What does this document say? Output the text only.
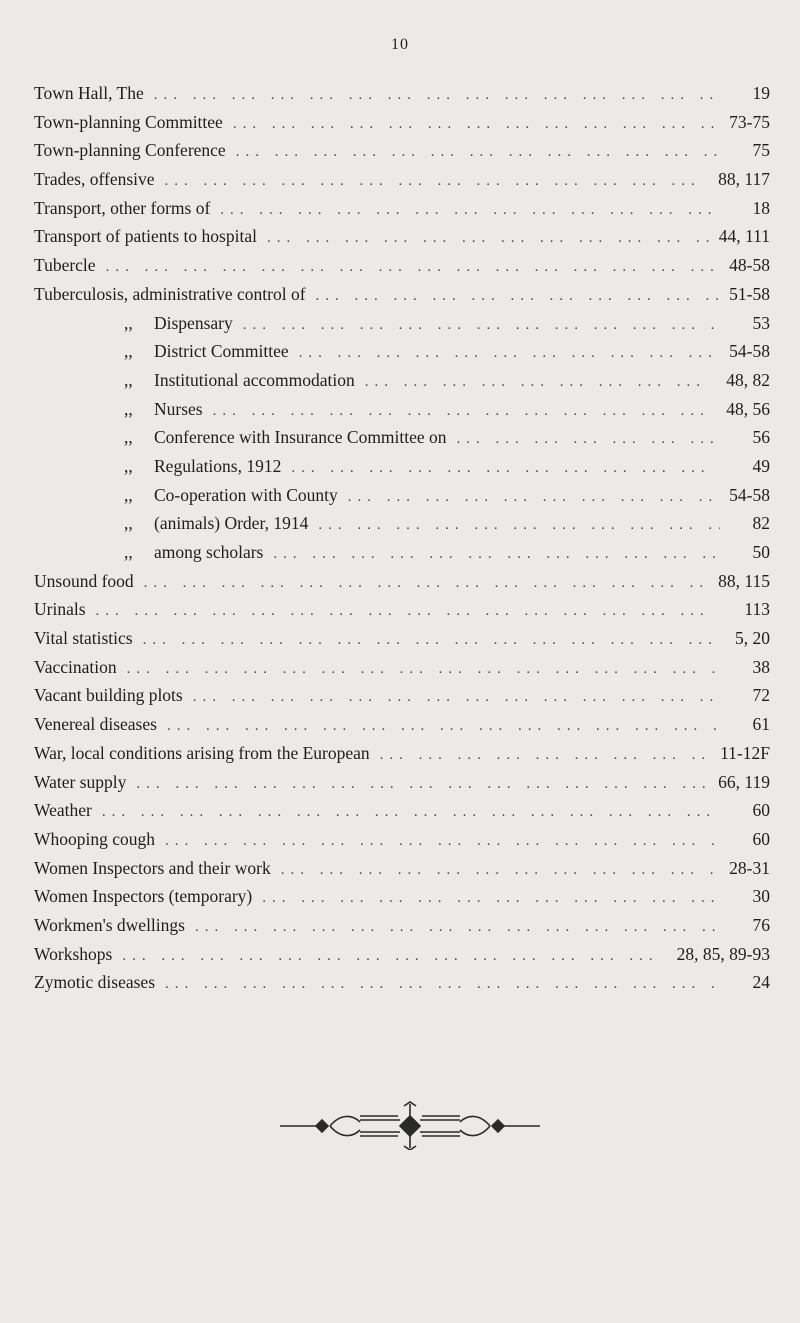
10
Town Hall, The ... .	19
Town-planning Committee ... .	73-75
Town-planning Conference ... .	75
Trades, offensive ... .	88, 117
Transport, other forms of ... .	18
Transport of patients to hospital ... .	44, 111
Tubercle ... .	48-58
Tuberculosis, administrative control of ... .	51-58
,,	Dispensary ... .	53
,,	District Committee ... .	54-58
,,	Institutional accommodation ... .	48, 82
,,	Nurses ... .	48, 56
,,	Conference with Insurance Committee on ... .	56
,,	Regulations, 1912 ... .	49
,,	Co-operation with County ... .	54-58
,,	(animals) Order, 1914 ... .	82
,,	among scholars ... .	50
Unsound food ... .	88, 115
Urinals ... .	113
Vital statistics ... .	5, 20
Vaccination ... .	38
Vacant building plots ... .	72
Venereal diseases ... .	61
War, local conditions arising from the European ... .	11-12F
Water supply ... .	66, 119
Weather ... .	60
Whooping cough ... .	60
Women Inspectors and their work ... .	28-31
Women Inspectors (temporary) ... .	30
Workmen's dwellings ... .	76
Workshops ... .	28, 85, 89-93
Zymotic diseases ... .	24
